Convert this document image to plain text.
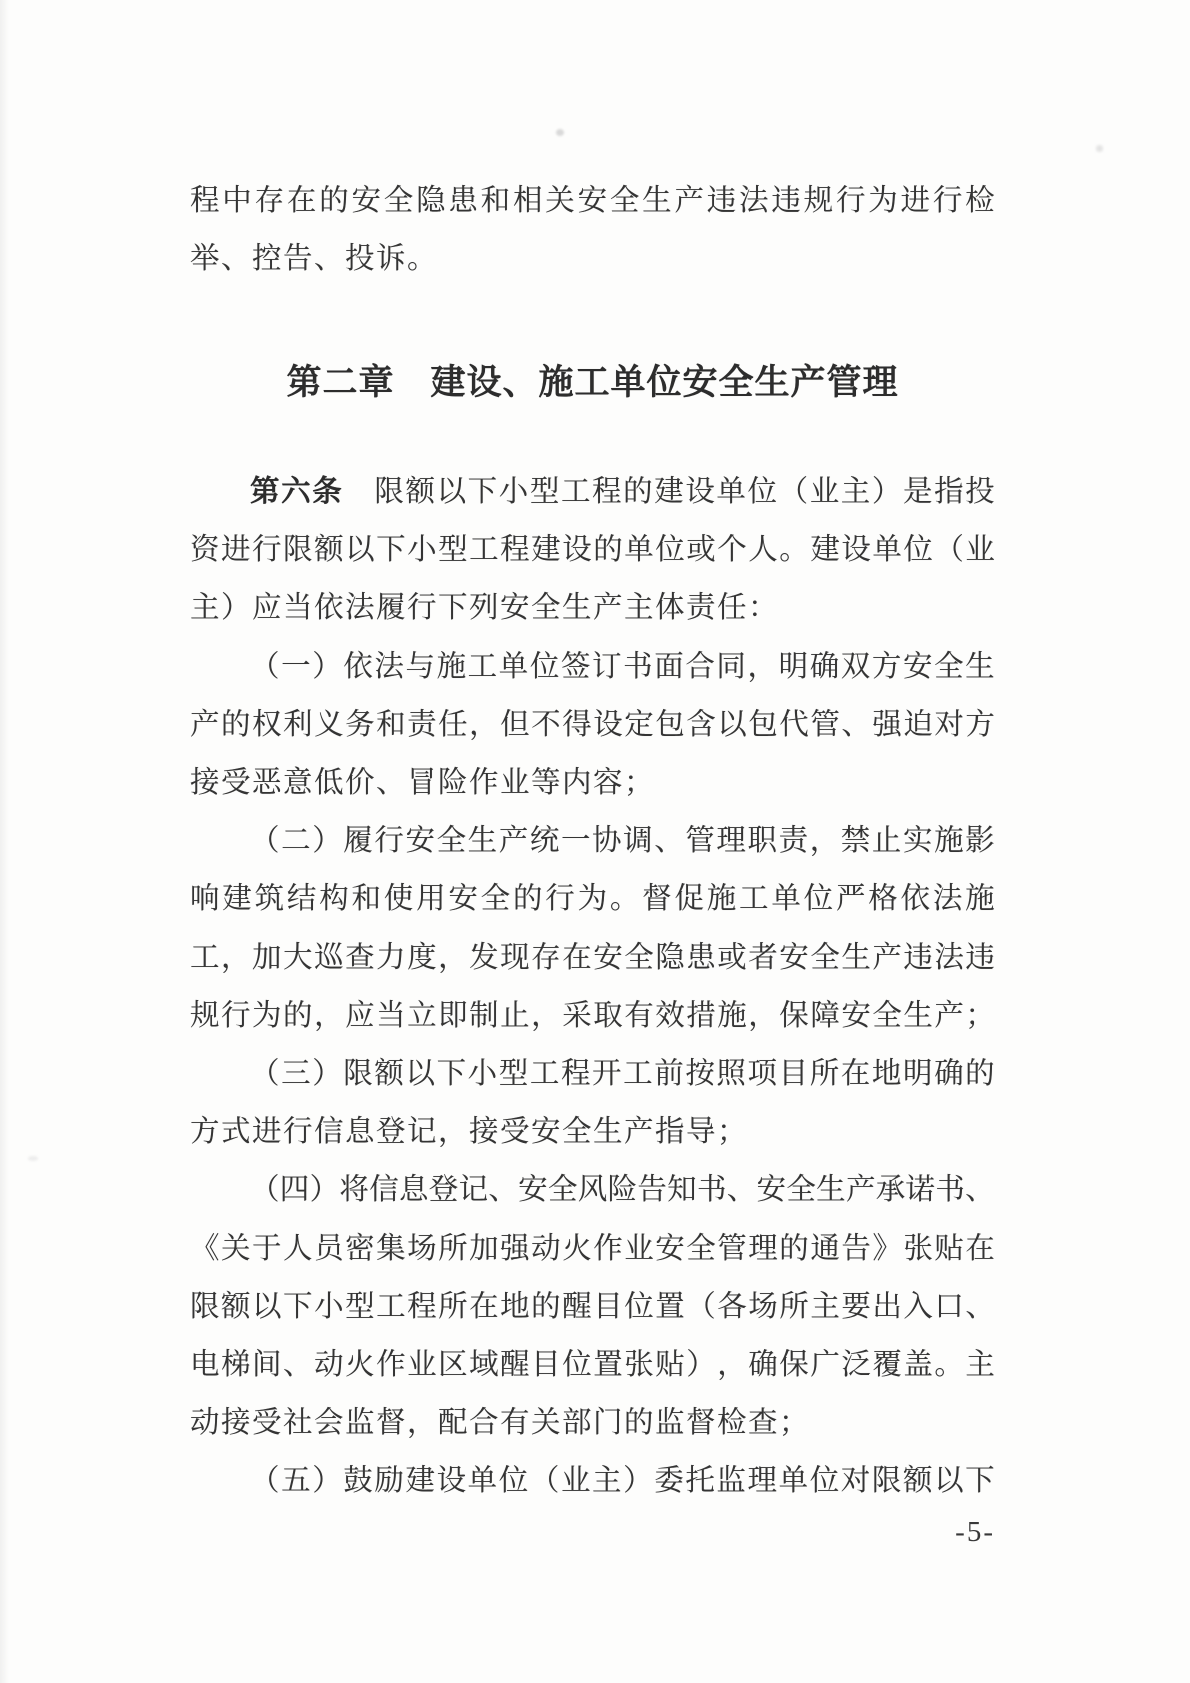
程 中 存 在 的 安 全 隐 患 和 相 关 安 全 生 产 违 法 违 规 行 为 进 行 检
举、控告、投诉。
第二章　建设、施工单位安全生产管理
第 六 条
　 限 额 以 下 小 型 工 程 的 建 设 单 位 （ 业 主 ） 是 指 投
资 进 行 限 额 以 下 小 型 工 程 建 设 的 单 位 或 个 人 。 建 设 单 位 （ 业
主）应当依法履行下列安全生产主体责任：
（ 一 ） 依 法 与 施 工 单 位 签 订 书 面 合 同 ， 明 确 双 方 安 全 生
产 的 权 利 义 务 和 责 任 ， 但 不 得 设 定 包 含 以 包 代 管 、 强 迫 对 方
接受恶意低价、冒险作业等内容；
（ 二 ） 履 行 安 全 生 产 统 一 协 调 、 管 理 职 责 ， 禁 止 实 施 影
响 建 筑 结 构 和 使 用 安 全 的 行 为 。 督 促 施 工 单 位 严 格 依 法 施
工 ， 加 大 巡 查 力 度 ， 发 现 存 在 安 全 隐 患 或 者 安 全 生 产 违 法 违
规 行 为 的 ， 应 当 立 即 制 止 ， 采 取 有 效 措 施 ， 保 障 安 全 生 产 ；
（ 三 ） 限 额 以 下 小 型 工 程 开 工 前 按 照 项 目 所 在 地 明 确 的
方式进行信息登记，接受安全生产指导；
（ 四 ） 将 信 息 登 记 、 安 全 风 险 告 知 书 、 安 全 生 产 承 诺 书 、
《 关 于 人 员 密 集 场 所 加 强 动 火 作 业 安 全 管 理 的 通 告 》 张 贴 在
限 额 以 下 小 型 工 程 所 在 地 的 醒 目 位 置 （ 各 场 所 主 要 出 入 口 、
电 梯 间 、 动 火 作 业 区 域 醒 目 位 置 张 贴 ） ， 确 保 广 泛 覆 盖 。 主
动接受社会监督，配合有关部门的监督检查；
（ 五 ） 鼓 励 建 设 单 位 （ 业 主 ） 委 托 监 理 单 位 对 限 额 以 下
-5-
